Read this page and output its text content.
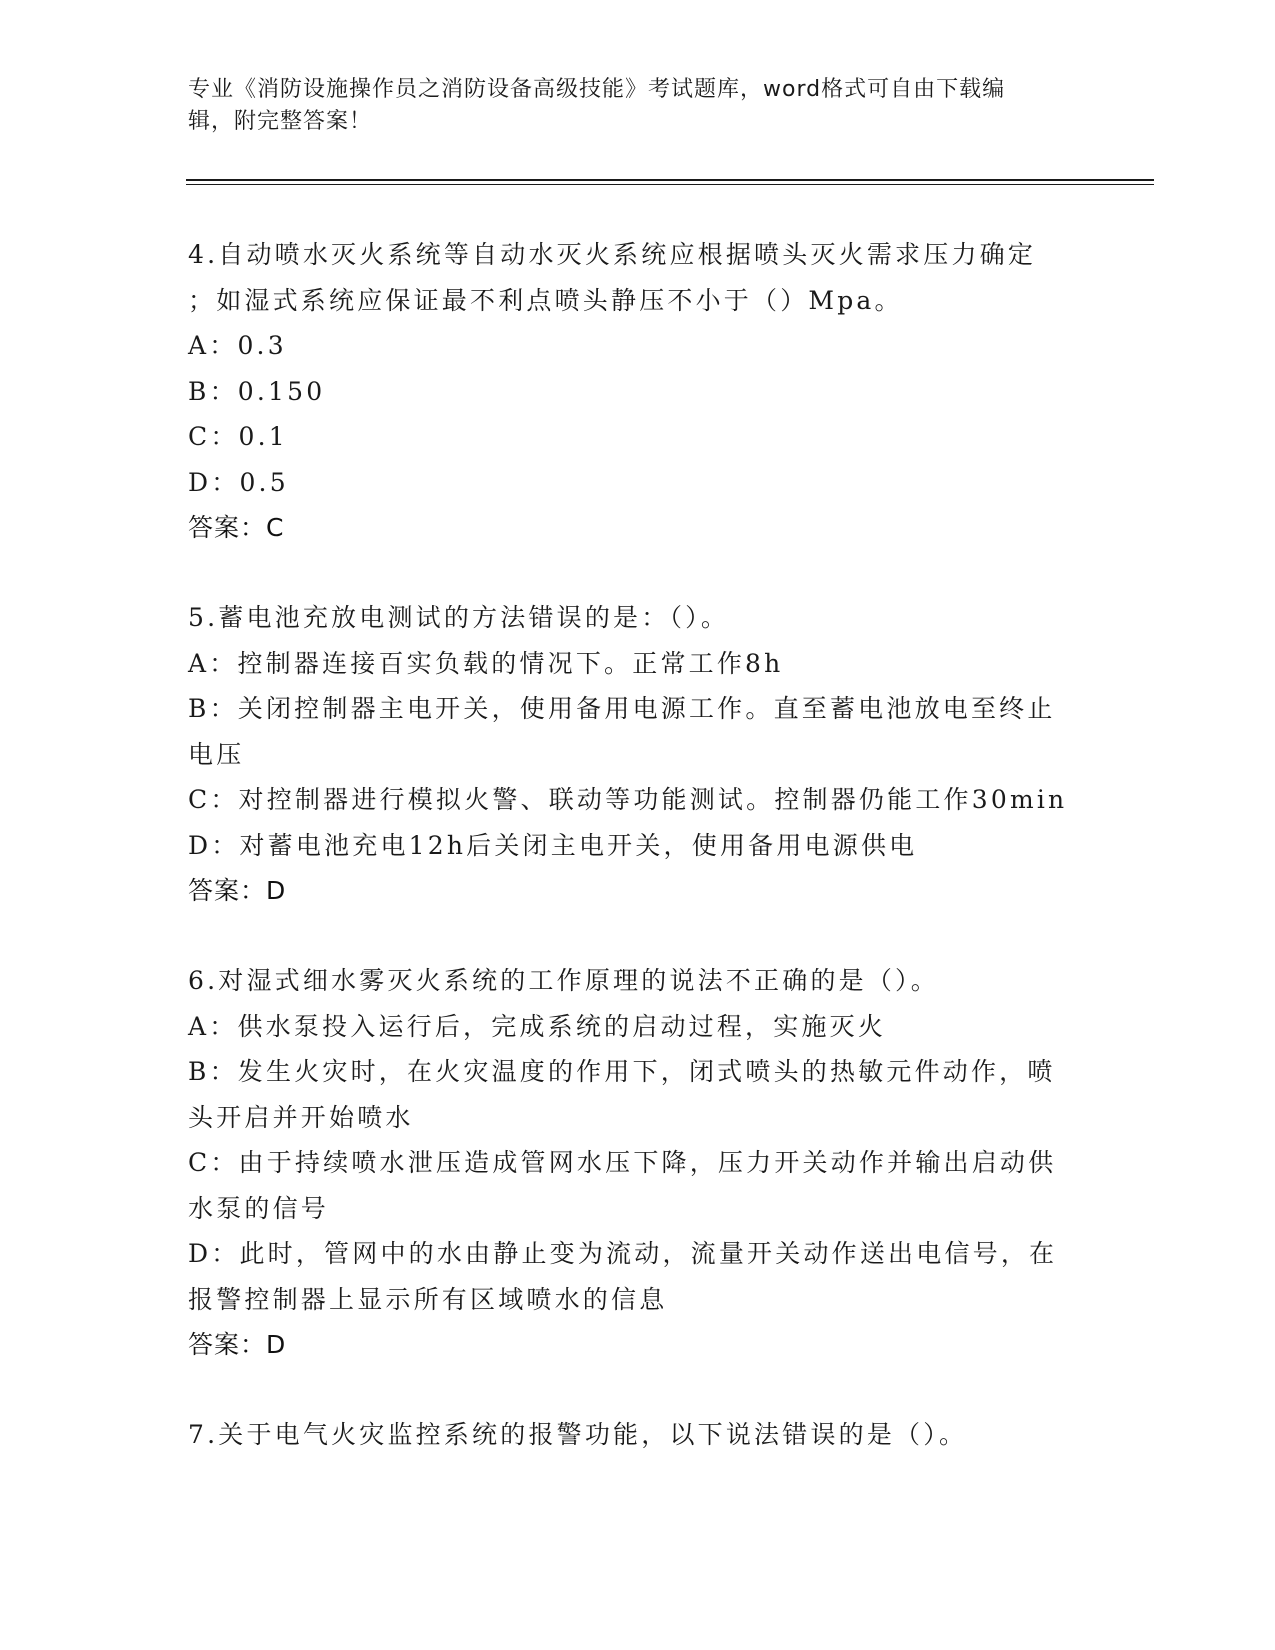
专业《消防设施操作员之消防设备高级技能》考试题库，word格式可自由下载编
辑，附完整答案！
4.自动喷水灭火系统等自动水灭火系统应根据喷头灭火需求压力确定
；如湿式系统应保证最不利点喷头静压不小于（）Mpa。
A：0.3
B：0.150
C：0.1
D：0.5
答案：C
5.蓄电池充放电测试的方法错误的是：（）。
A：控制器连接百实负载的情况下。正常工作8h
B：关闭控制器主电开关，使用备用电源工作。直至蓄电池放电至终止
电压
C：对控制器进行模拟火警、联动等功能测试。控制器仍能工作30min
D：对蓄电池充电12h后关闭主电开关，使用备用电源供电
答案：D
6.对湿式细水雾灭火系统的工作原理的说法不正确的是（）。
A：供水泵投入运行后，完成系统的启动过程，实施灭火
B：发生火灾时，在火灾温度的作用下，闭式喷头的热敏元件动作，喷
头开启并开始喷水
C：由于持续喷水泄压造成管网水压下降，压力开关动作并输出启动供
水泵的信号
D：此时，管网中的水由静止变为流动，流量开关动作送出电信号，在
报警控制器上显示所有区域喷水的信息
答案：D
7.关于电气火灾监控系统的报警功能，以下说法错误的是（）。
